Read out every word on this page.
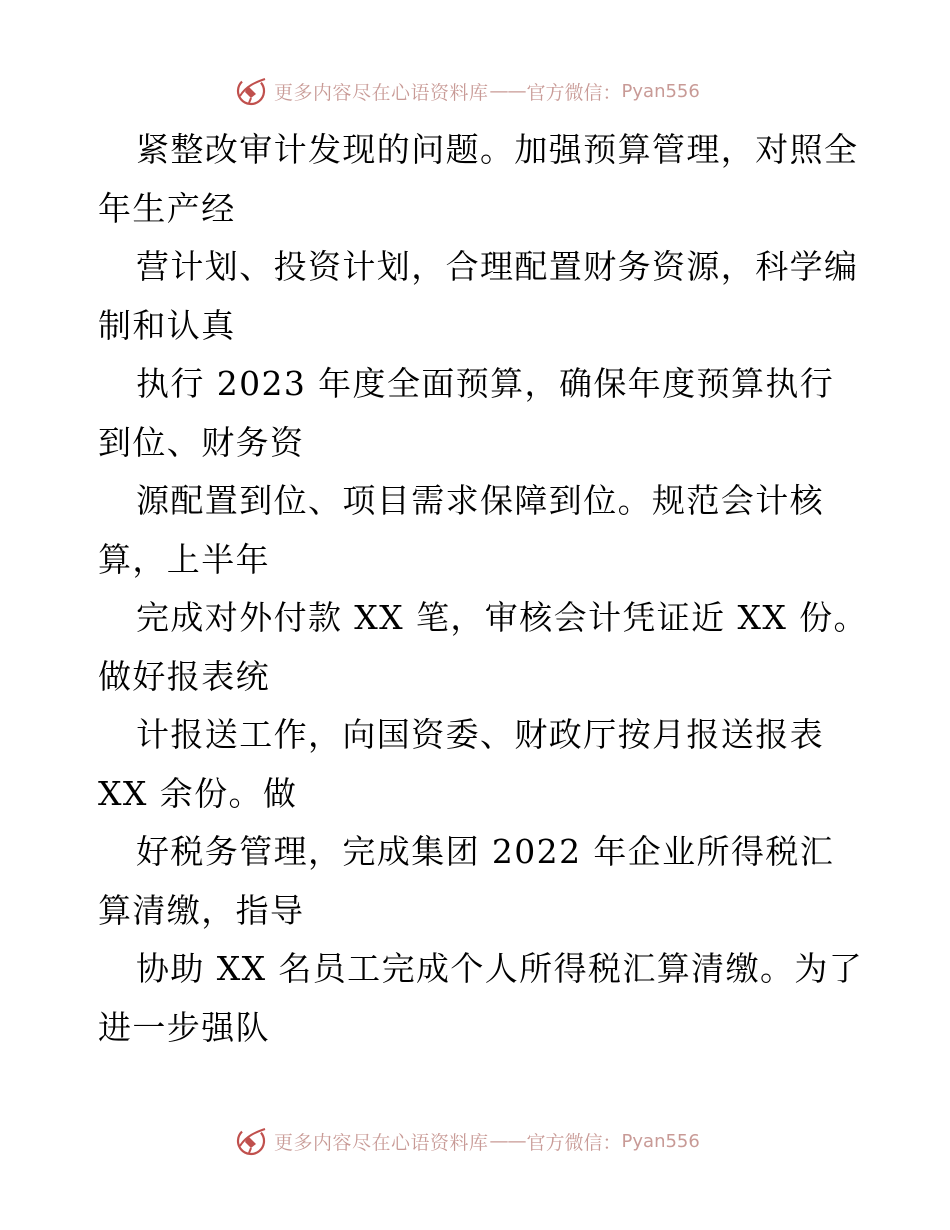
更多内容尽在心语资料库 —— 官方微信： Pyan556

紧整改审计发现的问题。加强预算管理，对照全年生产经

营计划、投资计划，合理配置财务资源，科学编制和认真

执行 2023 年度全面预算，确保年度预算执行到位、财务资

源配置到位、项目需求保障到位。规范会计核算，上半年

完成对外付款 XX 笔，审核会计凭证近 XX 份。做好报表统

计报送工作，向国资委、财政厅按月报送报表 XX 余份。做

好税务管理，完成集团 2022 年企业所得税汇算清缴，指导

协助 XX 名员工完成个人所得税汇算清缴。为了进一步强队

更多内容尽在心语资料库 —— 官方微信： Pyan556
